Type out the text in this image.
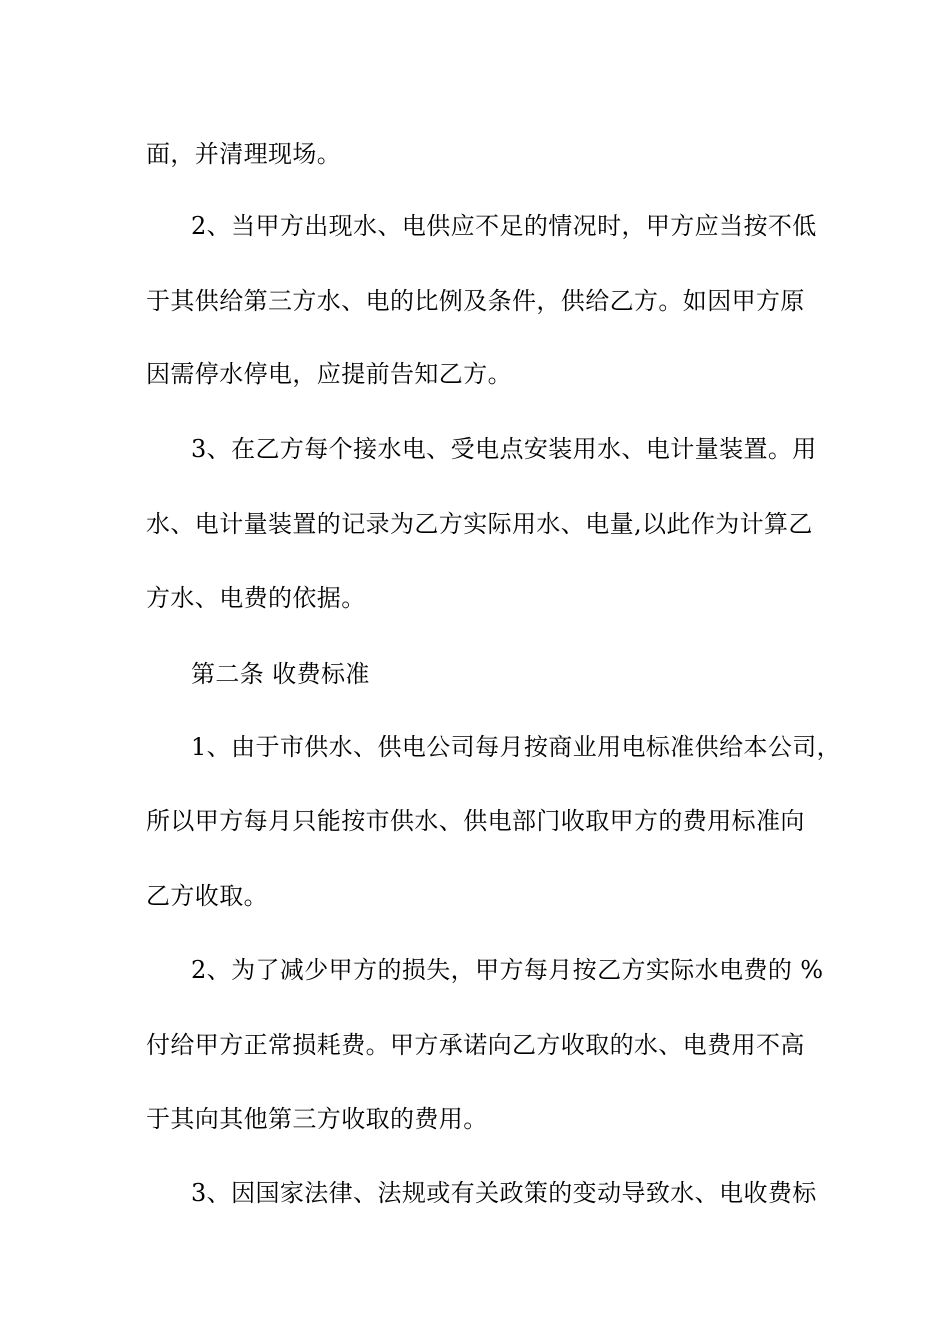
面，并清理现场。
2、当甲方出现水、电供应不足的情况时，甲方应当按不低
于其供给第三方水、电的比例及条件，供给乙方。如因甲方原
因需停水停电，应提前告知乙方。
3、在乙方每个接水电、受电点安装用水、电计量装置。用
水、电计量装置的记录为乙方实际用水、电量,以此作为计算乙
方水、电费的依据。
第二条 收费标准
1、由于市供水、供电公司每月按商业用电标准供给本公司，
所以甲方每月只能按市供水、供电部门收取甲方的费用标准向
乙方收取。
2、为了减少甲方的损失，甲方每月按乙方实际水电费的 %
付给甲方正常损耗费。甲方承诺向乙方收取的水、电费用不高
于其向其他第三方收取的费用。
3、因国家法律、法规或有关政策的变动导致水、电收费标
